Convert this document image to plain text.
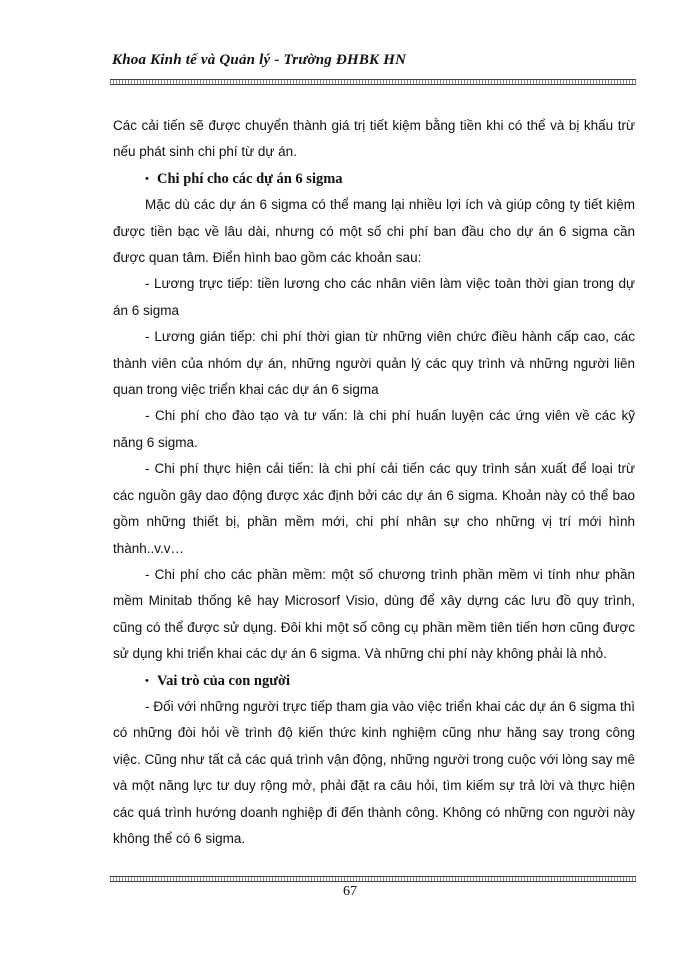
Khoa Kinh tế và Quản lý - Trường ĐHBK HN

Các cải tiến sẽ được chuyển thành giá trị tiết kiệm bằng tiền khi có thể và bị khấu trừ nếu phát sinh chi phí từ dự án.

• Chi phí cho các dự án 6 sigma

Mặc dù các dự án 6 sigma có thể mang lại nhiều lợi ích và giúp công ty tiết kiệm được tiền bạc về lâu dài, nhưng có một số chi phí ban đầu cho dự án 6 sigma cần được quan tâm. Điển hình bao gồm các khoản sau:

- Lương trực tiếp: tiền lương cho các nhân viên làm việc toàn thời gian trong dự án 6 sigma

- Lương gián tiếp: chi phí thời gian từ những viên chức điều hành cấp cao, các thành viên của nhóm dự án, những người quản lý các quy trình và những người liên quan trong việc triển khai các dự án 6 sigma

- Chi phí cho đào tạo và tư vấn: là chi phí huấn luyện các ứng viên về các kỹ năng 6 sigma.

- Chi phí thực hiện cải tiến: là chi phí cải tiến các quy trình sản xuất để loại trừ các nguồn gây dao động được xác định bởi các dự án 6 sigma. Khoản này có thể bao gồm những thiết bị, phần mềm mới, chi phí nhân sự cho những vị trí mới hình thành..v.v…

- Chi phí cho các phần mềm: một số chương trình phần mềm vi tính như phần mềm Minitab thống kê hay Microsorf Visio, dùng để xây dựng các lưu đồ quy trình, cũng có thể được sử dụng. Đôi khi một số công cụ phần mềm tiên tiến hơn cũng được sử dụng khi triển khai các dự án 6 sigma. Và những chi phí này không phải là nhỏ.

• Vai trò của con người

- Đối với những người trực tiếp tham gia vào việc triển khai các dự án 6 sigma thì có những đòi hỏi về trình độ kiến thức kinh nghiệm cũng như hăng say trong công việc. Cũng như tất cả các quá trình vận động, những người trong cuộc với lòng say mê và một năng lực tư duy rộng mở, phải đặt ra câu hỏi, tìm kiếm sự trả lời và thực hiện các quá trình hướng doanh nghiệp đi đến thành công. Không có những con người này không thể có 6 sigma.

67
